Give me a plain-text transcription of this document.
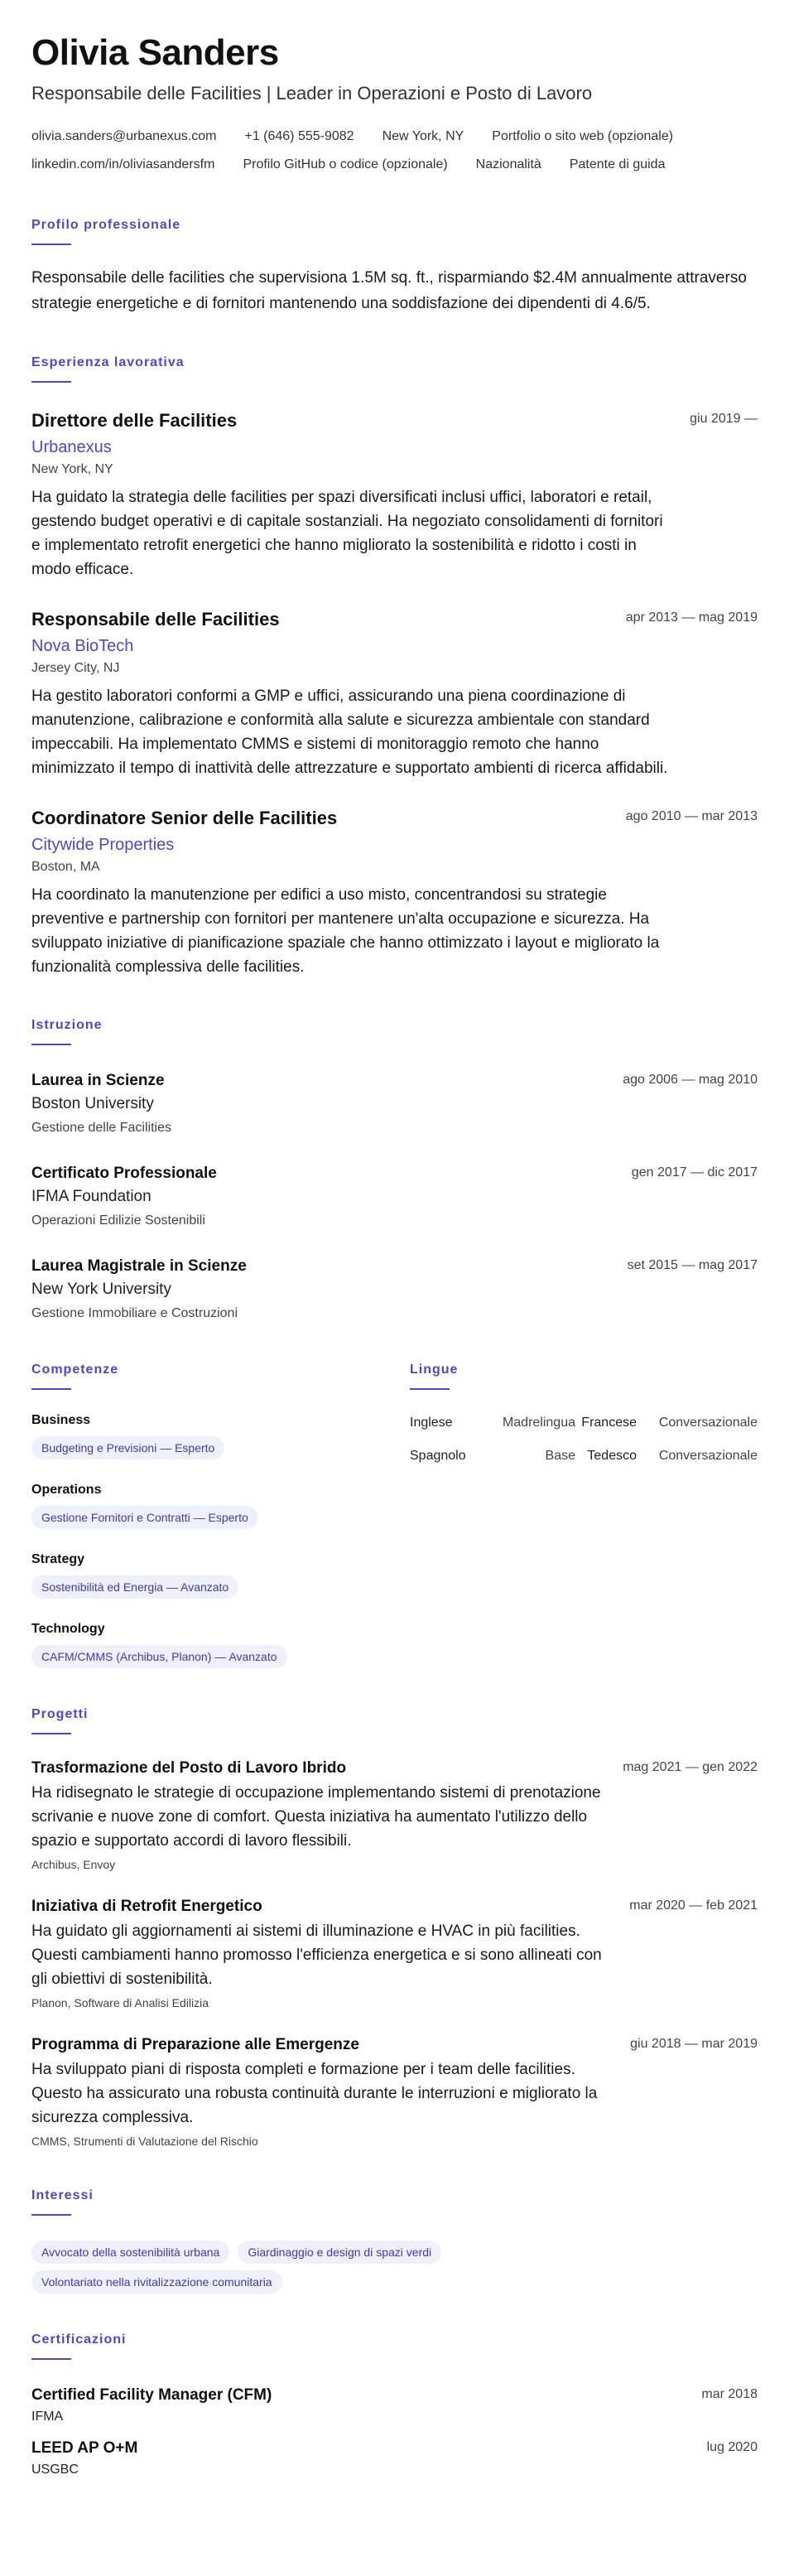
Olivia Sanders
Responsabile delle Facilities | Leader in Operazioni e Posto di Lavoro
olivia.sanders@urbanexus.com +1 (646) 555-9082 New York, NY Portfolio o sito web (opzionale)
linkedin.com/in/oliviasandersfm Profilo GitHub o codice (opzionale) Nazionalità Patente di guida
Profilo professionale
Responsabile delle facilities che supervisiona 1.5M sq. ft., risparmiando $2.4M annualmente attraverso strategie energetiche e di fornitori mantenendo una soddisfazione dei dipendenti di 4.6/5.
Esperienza lavorativa
Direttore delle Facilities	giu 2019 —
Urbanexus
New York, NY
Ha guidato la strategia delle facilities per spazi diversificati inclusi uffici, laboratori e retail, gestendo budget operativi e di capitale sostanziali. Ha negoziato consolidamenti di fornitori e implementato retrofit energetici che hanno migliorato la sostenibilità e ridotto i costi in modo efficace.
Responsabile delle Facilities	apr 2013 — mag 2019
Nova BioTech
Jersey City, NJ
Ha gestito laboratori conformi a GMP e uffici, assicurando una piena coordinazione di manutenzione, calibrazione e conformità alla salute e sicurezza ambientale con standard impeccabili. Ha implementato CMMS e sistemi di monitoraggio remoto che hanno minimizzato il tempo di inattività delle attrezzature e supportato ambienti di ricerca affidabili.
Coordinatore Senior delle Facilities	ago 2010 — mar 2013
Citywide Properties
Boston, MA
Ha coordinato la manutenzione per edifici a uso misto, concentrandosi su strategie preventive e partnership con fornitori per mantenere un'alta occupazione e sicurezza. Ha sviluppato iniziative di pianificazione spaziale che hanno ottimizzato i layout e migliorato la funzionalità complessiva delle facilities.
Istruzione
Laurea in Scienze	ago 2006 — mag 2010
Boston University
Gestione delle Facilities
Certificato Professionale	gen 2017 — dic 2017
IFMA Foundation
Operazioni Edilizie Sostenibili
Laurea Magistrale in Scienze	set 2015 — mag 2017
New York University
Gestione Immobiliare e Costruzioni
Competenze
Business
Budgeting e Previsioni — Esperto
Operations
Gestione Fornitori e Contratti — Esperto
Strategy
Sostenibilità ed Energia — Avanzato
Technology
CAFM/CMMS (Archibus, Planon) — Avanzato
Lingue
Inglese	Madrelingua Francese	Conversazionale
Spagnolo	Base Tedesco	Conversazionale
Progetti
Trasformazione del Posto di Lavoro Ibrido	mag 2021 — gen 2022
Ha ridisegnato le strategie di occupazione implementando sistemi di prenotazione scrivanie e nuove zone di comfort. Questa iniziativa ha aumentato l'utilizzo dello spazio e supportato accordi di lavoro flessibili.
Archibus, Envoy
Iniziativa di Retrofit Energetico	mar 2020 — feb 2021
Ha guidato gli aggiornamenti ai sistemi di illuminazione e HVAC in più facilities. Questi cambiamenti hanno promosso l'efficienza energetica e si sono allineati con gli obiettivi di sostenibilità.
Planon, Software di Analisi Edilizia
Programma di Preparazione alle Emergenze	giu 2018 — mar 2019
Ha sviluppato piani di risposta completi e formazione per i team delle facilities. Questo ha assicurato una robusta continuità durante le interruzioni e migliorato la sicurezza complessiva.
CMMS, Strumenti di Valutazione del Rischio
Interessi
Avvocato della sostenibilità urbana Giardinaggio e design di spazi verdi
Volontariato nella rivitalizzazione comunitaria
Certificazioni
Certified Facility Manager (CFM)	mar 2018
IFMA
LEED AP O+M	lug 2020
USGBC
